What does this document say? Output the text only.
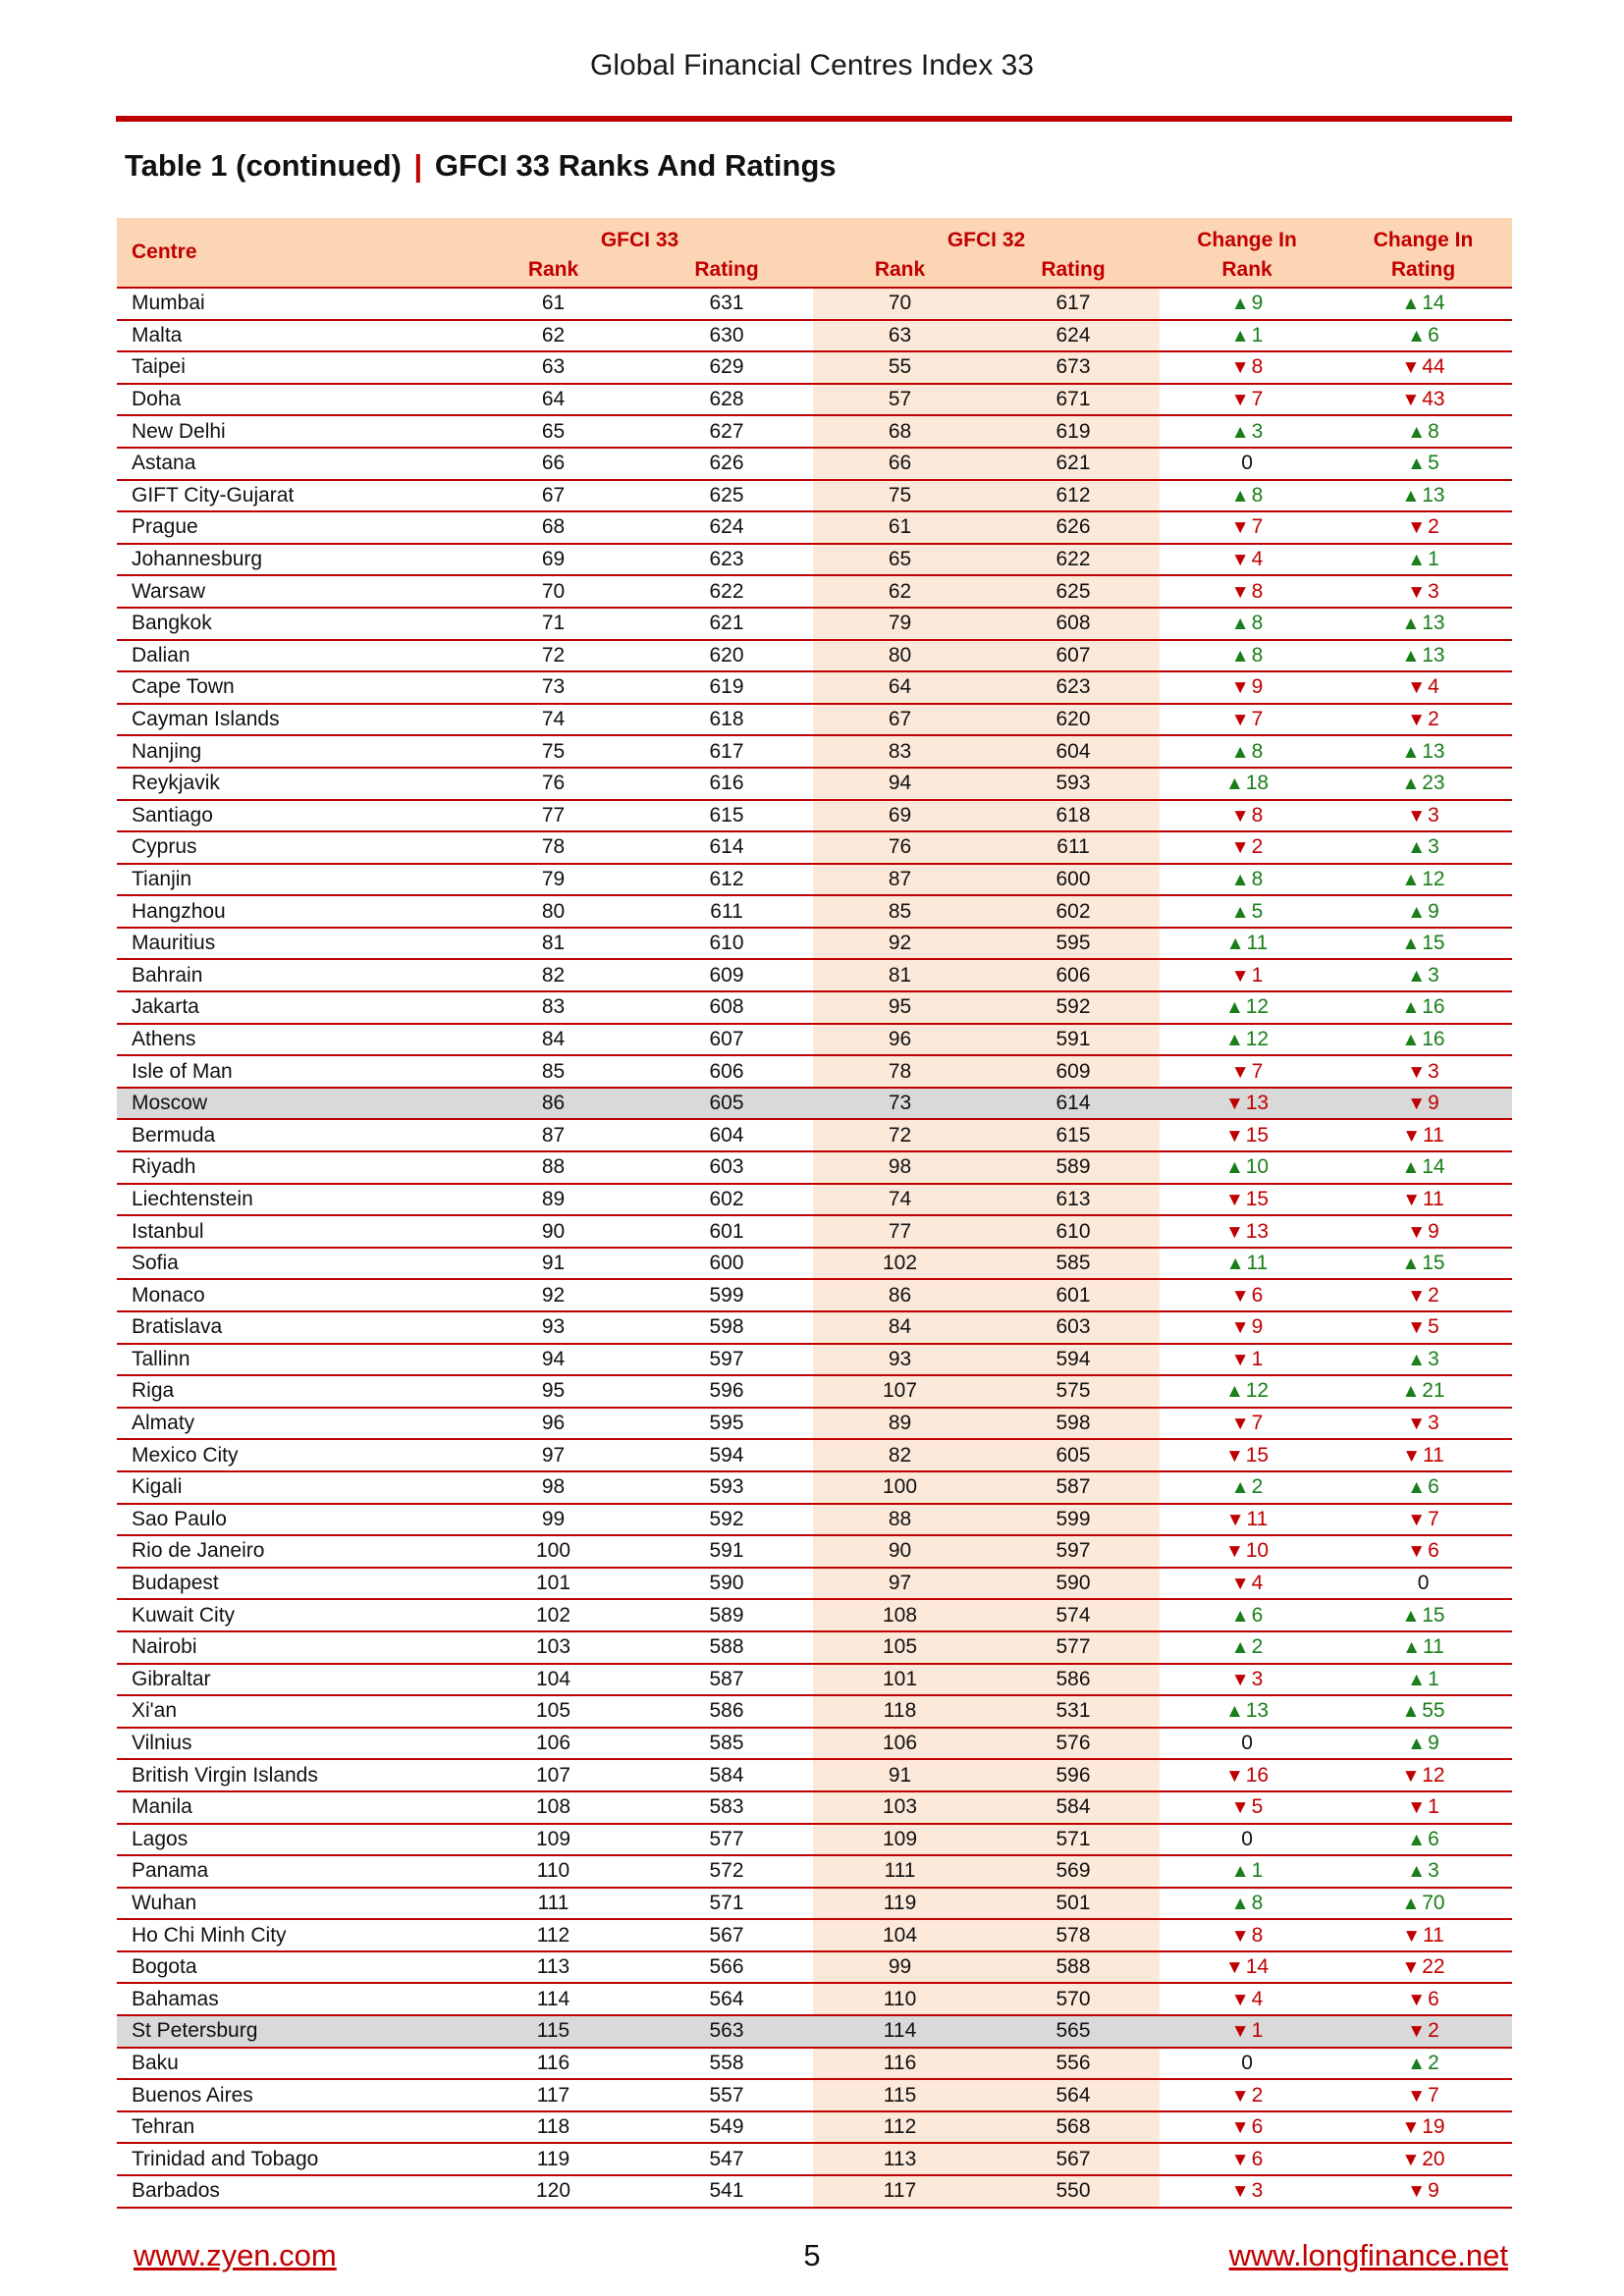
Global Financial Centres Index 33
Table 1 (continued) | GFCI 33 Ranks And Ratings
Centre	GFCI 33		GFCI 32		Change In	Change In
	Rank	Rating	Rank	Rating	Rank	Rating
Mumbai	61	631	70	617	▲9	▲14
Malta	62	630	63	624	▲1	▲6
Taipei	63	629	55	673	▼8	▼44
Doha	64	628	57	671	▼7	▼43
New Delhi	65	627	68	619	▲3	▲8
Astana	66	626	66	621	0	▲5
GIFT City-Gujarat	67	625	75	612	▲8	▲13
Prague	68	624	61	626	▼7	▼2
Johannesburg	69	623	65	622	▼4	▲1
Warsaw	70	622	62	625	▼8	▼3
Bangkok	71	621	79	608	▲8	▲13
Dalian	72	620	80	607	▲8	▲13
Cape Town	73	619	64	623	▼9	▼4
Cayman Islands	74	618	67	620	▼7	▼2
Nanjing	75	617	83	604	▲8	▲13
Reykjavik	76	616	94	593	▲18	▲23
Santiago	77	615	69	618	▼8	▼3
Cyprus	78	614	76	611	▼2	▲3
Tianjin	79	612	87	600	▲8	▲12
Hangzhou	80	611	85	602	▲5	▲9
Mauritius	81	610	92	595	▲11	▲15
Bahrain	82	609	81	606	▼1	▲3
Jakarta	83	608	95	592	▲12	▲16
Athens	84	607	96	591	▲12	▲16
Isle of Man	85	606	78	609	▼7	▼3
Moscow	86	605	73	614	▼13	▼9
Bermuda	87	604	72	615	▼15	▼11
Riyadh	88	603	98	589	▲10	▲14
Liechtenstein	89	602	74	613	▼15	▼11
Istanbul	90	601	77	610	▼13	▼9
Sofia	91	600	102	585	▲11	▲15
Monaco	92	599	86	601	▼6	▼2
Bratislava	93	598	84	603	▼9	▼5
Tallinn	94	597	93	594	▼1	▲3
Riga	95	596	107	575	▲12	▲21
Almaty	96	595	89	598	▼7	▼3
Mexico City	97	594	82	605	▼15	▼11
Kigali	98	593	100	587	▲2	▲6
Sao Paulo	99	592	88	599	▼11	▼7
Rio de Janeiro	100	591	90	597	▼10	▼6
Budapest	101	590	97	590	▼4	0
Kuwait City	102	589	108	574	▲6	▲15
Nairobi	103	588	105	577	▲2	▲11
Gibraltar	104	587	101	586	▼3	▲1
Xi'an	105	586	118	531	▲13	▲55
Vilnius	106	585	106	576	0	▲9
British Virgin Islands	107	584	91	596	▼16	▼12
Manila	108	583	103	584	▼5	▼1
Lagos	109	577	109	571	0	▲6
Panama	110	572	111	569	▲1	▲3
Wuhan	111	571	119	501	▲8	▲70
Ho Chi Minh City	112	567	104	578	▼8	▼11
Bogota	113	566	99	588	▼14	▼22
Bahamas	114	564	110	570	▼4	▼6
St Petersburg	115	563	114	565	▼1	▼2
Baku	116	558	116	556	0	▲2
Buenos Aires	117	557	115	564	▼2	▼7
Tehran	118	549	112	568	▼6	▼19
Trinidad and Tobago	119	547	113	567	▼6	▼20
Barbados	120	541	117	550	▼3	▼9
www.zyen.com	5	www.longfinance.net
